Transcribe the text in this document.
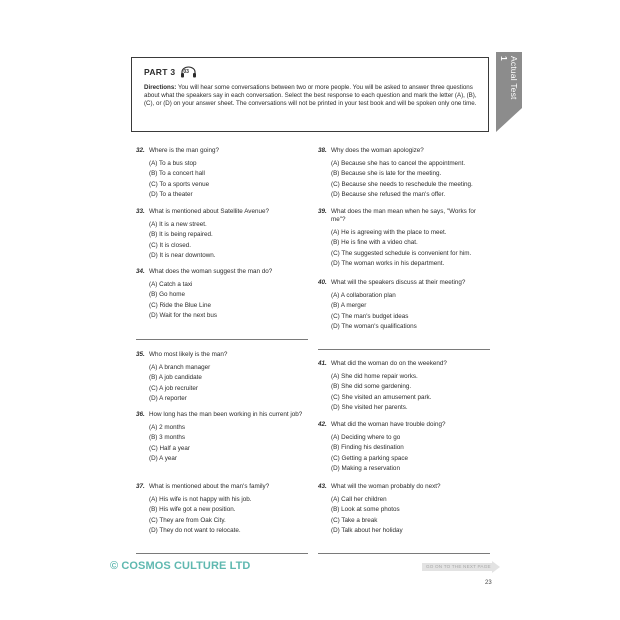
Actual Test 1
PART 3 03

Directions: You will hear some conversations between two or more people. You will be asked to answer three questions about what the speakers say in each conversation. Select the best response to each question and mark the letter (A), (B), (C), or (D) on your answer sheet. The conversations will not be printed in your test book and will be spoken only one time.

32. Where is the man going?
(A) To a bus stop
(B) To a concert hall
(C) To a sports venue
(D) To a theater
33. What is mentioned about Satellite Avenue?
(A) It is a new street.
(B) It is being repaired.
(C) It is closed.
(D) It is near downtown.
34. What does the woman suggest the man do?
(A) Catch a taxi
(B) Go home
(C) Ride the Blue Line
(D) Wait for the next bus
35. Who most likely is the man?
(A) A branch manager
(B) A job candidate
(C) A job recruiter
(D) A reporter
36. How long has the man been working in his current job?
(A) 2 months
(B) 3 months
(C) Half a year
(D) A year
37. What is mentioned about the man's family?
(A) His wife is not happy with his job.
(B) His wife got a new position.
(C) They are from Oak City.
(D) They do not want to relocate.
38. Why does the woman apologize?
(A) Because she has to cancel the appointment.
(B) Because she is late for the meeting.
(C) Because she needs to reschedule the meeting.
(D) Because she refused the man's offer.
39. What does the man mean when he says, "Works for me"?
(A) He is agreeing with the place to meet.
(B) He is fine with a video chat.
(C) The suggested schedule is convenient for him.
(D) The woman works in his department.
40. What will the speakers discuss at their meeting?
(A) A collaboration plan
(B) A merger
(C) The man's budget ideas
(D) The woman's qualifications
41. What did the woman do on the weekend?
(A) She did home repair works.
(B) She did some gardening.
(C) She visited an amusement park.
(D) She visited her parents.
42. What did the woman have trouble doing?
(A) Deciding where to go
(B) Finding his destination
(C) Getting a parking space
(D) Making a reservation
43. What will the woman probably do next?
(A) Call her children
(B) Look at some photos
(C) Take a break
(D) Talk about her holiday
© COSMOS CULTURE LTD	GO ON TO THE NEXT PAGE
23
